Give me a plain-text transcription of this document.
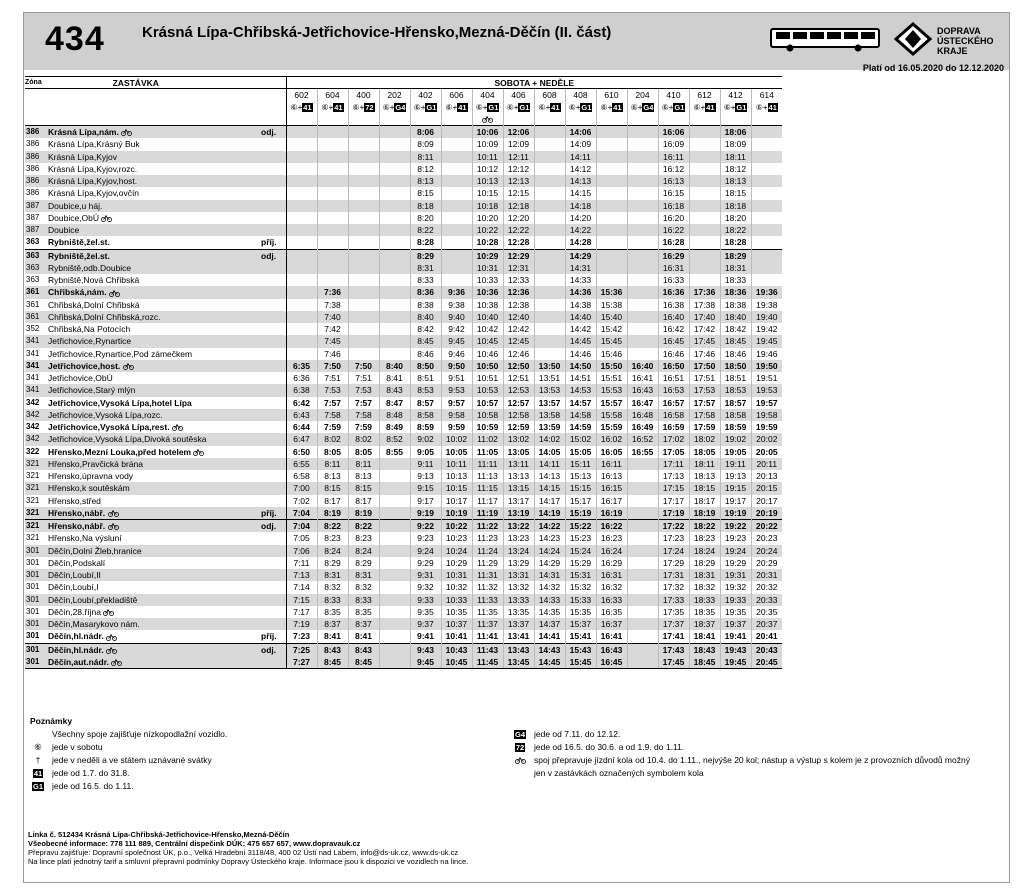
434 Krásná Lípa-Chřibská-Jetřichovice-Hřensko,Mezná-Děčín (II. část)	DOPRAVA
ÚSTECKÉHO
KRAJE
Platí od 16.05.2020 do 12.12.2020
Zóna	ZASTÁVKA		SOBOTA + NEDĚLE															
			602	604	400	202	402	606	404	406	608	408	610	204	410	612	412	614
			⑥+41	⑥+41	⑥+72	⑥+G4	⑥+G1	⑥+41	⑥+G1	⑥+G1	⑥+41	⑥+G1	⑥+41	⑥+G4	⑥+G1	⑥+41	⑥+G1	⑥+41

386	Krásná Lípa,nám.	odj.					8:06		10:06	12:06		14:06			16:06		18:06	
386	Krásná Lípa,Krásný Buk						8:09		10:09	12:09		14:09			16:09		18:09	
386	Krásná Lípa,Kyjov						8:11		10:11	12:11		14:11			16:11		18:11	
386	Krásná Lípa,Kyjov,rozc.						8:12		10:12	12:12		14:12			16:12		18:12	
386	Krásná Lípa,Kyjov,host.						8:13		10:13	12:13		14:13			16:13		18:13	
386	Krásná Lípa,Kyjov,ovčín						8:15		10:15	12:15		14:15			16:15		18:15	
387	Doubice,u háj.						8:18		10:18	12:18		14:18			16:18		18:18	
387	Doubice,ObÚ						8:20		10:20	12:20		14:20			16:20		18:20	
387	Doubice						8:22		10:22	12:22		14:22			16:22		18:22	
363	Rybniště,žel.st.	příj.					8:28		10:28	12:28		14:28			16:28		18:28	
363	Rybniště,žel.st.	odj.					8:29		10:29	12:29		14:29			16:29		18:29	
363	Rybniště,odb.Doubice						8:31		10:31	12:31		14:31			16:31		18:31	
363	Rybniště,Nová Chřibská						8:33		10:33	12:33		14:33			16:33		18:33	
361	Chřibská,nám.			7:36			8:36	9:36	10:36	12:36		14:36	15:36		16:36	17:36	18:36	19:36
361	Chřibská,Dolní Chřibská			7:38			8:38	9:38	10:38	12:38		14:38	15:38		16:38	17:38	18:38	19:38
361	Chřibská,Dolní Chřibská,rozc.			7:40			8:40	9:40	10:40	12:40		14:40	15:40		16:40	17:40	18:40	19:40
352	Chřibská,Na Potocích			7:42			8:42	9:42	10:42	12:42		14:42	15:42		16:42	17:42	18:42	19:42
341	Jetřichovice,Rynartice			7:45			8:45	9:45	10:45	12:45		14:45	15:45		16:45	17:45	18:45	19:45
341	Jetřichovice,Rynartice,Pod zámečkem			7:46			8:46	9:46	10:46	12:46		14:46	15:46		16:46	17:46	18:46	19:46
341	Jetřichovice,host.		6:35	7:50	7:50	8:40	8:50	9:50	10:50	12:50	13:50	14:50	15:50	16:40	16:50	17:50	18:50	19:50
341	Jetřichovice,ObÚ		6:36	7:51	7:51	8:41	8:51	9:51	10:51	12:51	13:51	14:51	15:51	16:41	16:51	17:51	18:51	19:51
341	Jetřichovice,Starý mlýn		6:38	7:53	7:53	8:43	8:53	9:53	10:53	12:53	13:53	14:53	15:53	16:43	16:53	17:53	18:53	19:53
342	Jetřichovice,Vysoká Lípa,hotel Lípa		6:42	7:57	7:57	8:47	8:57	9:57	10:57	12:57	13:57	14:57	15:57	16:47	16:57	17:57	18:57	19:57
342	Jetřichovice,Vysoká Lípa,rozc.		6:43	7:58	7:58	8:48	8:58	9:58	10:58	12:58	13:58	14:58	15:58	16:48	16:58	17:58	18:58	19:58
342	Jetřichovice,Vysoká Lípa,rest.		6:44	7:59	7:59	8:49	8:59	9:59	10:59	12:59	13:59	14:59	15:59	16:49	16:59	17:59	18:59	19:59
342	Jetřichovice,Vysoká Lípa,Divoká soutěska		6:47	8:02	8:02	8:52	9:02	10:02	11:02	13:02	14:02	15:02	16:02	16:52	17:02	18:02	19:02	20:02
322	Hřensko,Mezní Louka,před hotelem		6:50	8:05	8:05	8:55	9:05	10:05	11:05	13:05	14:05	15:05	16:05	16:55	17:05	18:05	19:05	20:05
321	Hřensko,Pravčická brána		6:55	8:11	8:11		9:11	10:11	11:11	13:11	14:11	15:11	16:11		17:11	18:11	19:11	20:11
321	Hřensko,úpravna vody		6:58	8:13	8:13		9:13	10:13	11:13	13:13	14:13	15:13	16:13		17:13	18:13	19:13	20:13
321	Hřensko,k soutěskám		7:00	8:15	8:15		9:15	10:15	11:15	13:15	14:15	15:15	16:15		17:15	18:15	19:15	20:15
321	Hřensko,střed		7:02	8:17	8:17		9:17	10:17	11:17	13:17	14:17	15:17	16:17		17:17	18:17	19:17	20:17
321	Hřensko,nábř.	příj.	7:04	8:19	8:19		9:19	10:19	11:19	13:19	14:19	15:19	16:19		17:19	18:19	19:19	20:19
321	Hřensko,nábř.	odj.	7:04	8:22	8:22		9:22	10:22	11:22	13:22	14:22	15:22	16:22		17:22	18:22	19:22	20:22
321	Hřensko,Na výsluní		7:05	8:23	8:23		9:23	10:23	11:23	13:23	14:23	15:23	16:23		17:23	18:23	19:23	20:23
301	Děčín,Dolní Žleb,hranice		7:06	8:24	8:24		9:24	10:24	11:24	13:24	14:24	15:24	16:24		17:24	18:24	19:24	20:24
301	Děčín,Podskalí		7:11	8:29	8:29		9:29	10:29	11:29	13:29	14:29	15:29	16:29		17:29	18:29	19:29	20:29
301	Děčín,Loubí,II		7:13	8:31	8:31		9:31	10:31	11:31	13:31	14:31	15:31	16:31		17:31	18:31	19:31	20:31
301	Děčín,Loubí,I		7:14	8:32	8:32		9:32	10:32	11:32	13:32	14:32	15:32	16:32		17:32	18:32	19:32	20:32
301	Děčín,Loubí,překladiště		7:15	8:33	8:33		9:33	10:33	11:33	13:33	14:33	15:33	16:33		17:33	18:33	19:33	20:33
301	Děčín,28.října		7:17	8:35	8:35		9:35	10:35	11:35	13:35	14:35	15:35	16:35		17:35	18:35	19:35	20:35
301	Děčín,Masarykovo nám.		7:19	8:37	8:37		9:37	10:37	11:37	13:37	14:37	15:37	16:37		17:37	18:37	19:37	20:37
301	Děčín,hl.nádr.	příj.	7:23	8:41	8:41		9:41	10:41	11:41	13:41	14:41	15:41	16:41		17:41	18:41	19:41	20:41
301	Děčín,hl.nádr.	odj.	7:25	8:43	8:43		9:43	10:43	11:43	13:43	14:43	15:43	16:43		17:43	18:43	19:43	20:43
301	Děčín,aut.nádr.		7:27	8:45	8:45		9:45	10:45	11:45	13:45	14:45	15:45	16:45		17:45	18:45	19:45	20:45
Poznámky
Všechny spoje zajišťuje nízkopodlažní vozidlo.
⑥	jede v sobotu
†	jede v neděli a ve státem uznávané svátky
41	jede od 1.7. do 31.8.
G1	jede od 16.5. do 1.11.
G4	jede od 7.11. do 12.12.
72	jede od 16.5. do 30.6. a od 1.9. do 1.11.
spoj přepravuje jízdní kola od 10.4. do 1.11., nejvýše 20 kol; nástup a výstup s kolem je z provozních důvodů možný jen v zastávkách označených symbolem kola
Linka č. 512434 Krásná Lípa-Chřibská-Jetřichovice-Hřensko,Mezná-Děčín
Všeobecné informace: 778 111 889, Centrální dispečink DÚK: 475 657 657, www.dopravauk.cz
Přepravu zajišťuje: Dopravní společnost ÚK, p.o., Velká Hradební 3118/48, 400 02 Ústí nad Labem, info@ds-uk.cz, www.ds-uk.cz
Na lince platí jednotný tarif a smluvní přepravní podmínky Dopravy Ústeckého kraje. Informace jsou k dispozici ve vozidlech na lince.
